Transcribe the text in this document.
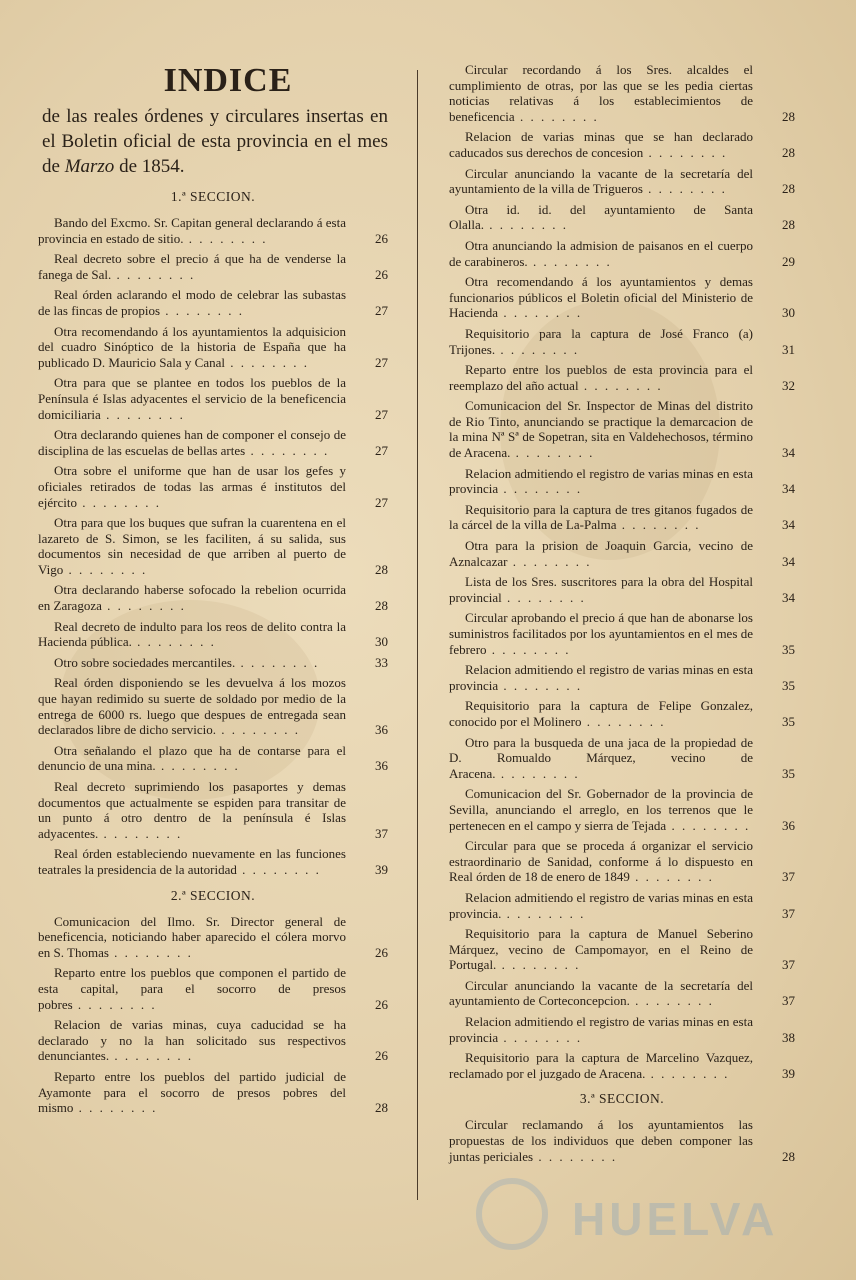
INDICE
de las reales órdenes y circulares insertas en el Boletin oficial de esta provincia en el mes de Marzo de 1854.
1.ª SECCION.
Bando del Excmo. Sr. Capitan general declarando á esta provincia en estado de sitio. . .	26
Real decreto sobre el precio á que ha de venderse la fanega de Sal. . .	26
Real órden aclarando el modo de celebrar las subastas de las fincas de propios . .	27
Otra recomendando á los ayuntamientos la adquisicion del cuadro Sinóptico de la historia de España que ha publicado D. Mauricio Sala y Canal . .	27
Otra para que se plantee en todos los pueblos de la Península é Islas adyacentes el servicio de la beneficencia domiciliaria . .	27
Otra declarando quienes han de componer el consejo de disciplina de las escuelas de bellas artes . .	27
Otra sobre el uniforme que han de usar los gefes y oficiales retirados de todas las armas é institutos del ejército . .	27
Otra para que los buques que sufran la cuarentena en el lazareto de S. Simon, se les faciliten, á su salida, sus documentos sin necesidad de que arriben al puerto de Vigo . .	28
Otra declarando haberse sofocado la rebelion ocurrida en Zaragoza . .	28
Real decreto de indulto para los reos de delito contra la Hacienda pública. . .	30
Otro sobre sociedades mercantiles. . .	33
Real órden disponiendo se les devuelva á los mozos que hayan redimido su suerte de soldado por medio de la entrega de 6000 rs. luego que despues de entregada sean declarados libre de dicho servicio. . .	36
Otra señalando el plazo que ha de contarse para el denuncio de una mina. . .	36
Real decreto suprimiendo los pasaportes y demas documentos que actualmente se espiden para transitar de un punto á otro dentro de la península é Islas adyacentes. . .	37
Real órden estableciendo nuevamente en las funciones teatrales la presidencia de la autoridad . .	39
2.ª SECCION.
Comunicacion del Ilmo. Sr. Director general de beneficencia, noticiando haber aparecido el cólera morvo en S. Thomas . .	26
Reparto entre los pueblos que componen el partido de esta capital, para el socorro de presos pobres . .	26
Relacion de varias minas, cuya caducidad se ha declarado y no la han solicitado sus respectivos denunciantes. . .	26
Reparto entre los pueblos del partido judicial de Ayamonte para el socorro de presos pobres del mismo . .	28
Circular recordando á los Sres. alcaldes el cumplimiento de otras, por las que se les pedia ciertas noticias relativas á los establecimientos de beneficencia . .	28
Relacion de varias minas que se han declarado caducados sus derechos de concesion . .	28
Circular anunciando la vacante de la secretaría del ayuntamiento de la villa de Trigueros . .	28
Otra id. id. del ayuntamiento de Santa Olalla. . .	28
Otra anunciando la admision de paisanos en el cuerpo de carabineros. . .	29
Otra recomendando á los ayuntamientos y demas funcionarios públicos el Boletin oficial del Ministerio de Hacienda . .	30
Requisitorio para la captura de José Franco (a) Trijones. . .	31
Reparto entre los pueblos de esta provincia para el reemplazo del año actual . .	32
Comunicacion del Sr. Inspector de Minas del distrito de Rio Tinto, anunciando se practique la demarcacion de la mina Nª Sª de Sopetran, sita en Valdehechosos, término de Aracena. . .	34
Relacion admitiendo el registro de varias minas en esta provincia . .	34
Requisitorio para la captura de tres gitanos fugados de la cárcel de la villa de La-Palma . .	34
Otra para la prision de Joaquin Garcia, vecino de Aznalcazar . .	34
Lista de los Sres. suscritores para la obra del Hospital provincial . .	34
Circular aprobando el precio á que han de abonarse los suministros facilitados por los ayuntamientos en el mes de febrero . .	35
Relacion admitiendo el registro de varias minas en esta provincia . .	35
Requisitorio para la captura de Felipe Gonzalez, conocido por el Molinero . .	35
Otro para la busqueda de una jaca de la propiedad de D. Romualdo Márquez, vecino de Aracena. . .	35
Comunicacion del Sr. Gobernador de la provincia de Sevilla, anunciando el arreglo, en los terrenos que le pertenecen en el campo y sierra de Tejada . .	36
Circular para que se proceda á organizar el servicio estraordinario de Sanidad, conforme á lo dispuesto en Real órden de 18 de enero de 1849 . .	37
Relacion admitiendo el registro de varias minas en esta provincia. . .	37
Requisitorio para la captura de Manuel Seberino Márquez, vecino de Campomayor, en el Reino de Portugal. . .	37
Circular anunciando la vacante de la secretaría del ayuntamiento de Corteconcepcion. . .	37
Relacion admitiendo el registro de varias minas en esta provincia . .	38
Requisitorio para la captura de Marcelino Vazquez, reclamado por el juzgado de Aracena. . .	39
3.ª SECCION.
Circular reclamando á los ayuntamientos las propuestas de los individuos que deben componer las juntas periciales . .	28
HUELVA
